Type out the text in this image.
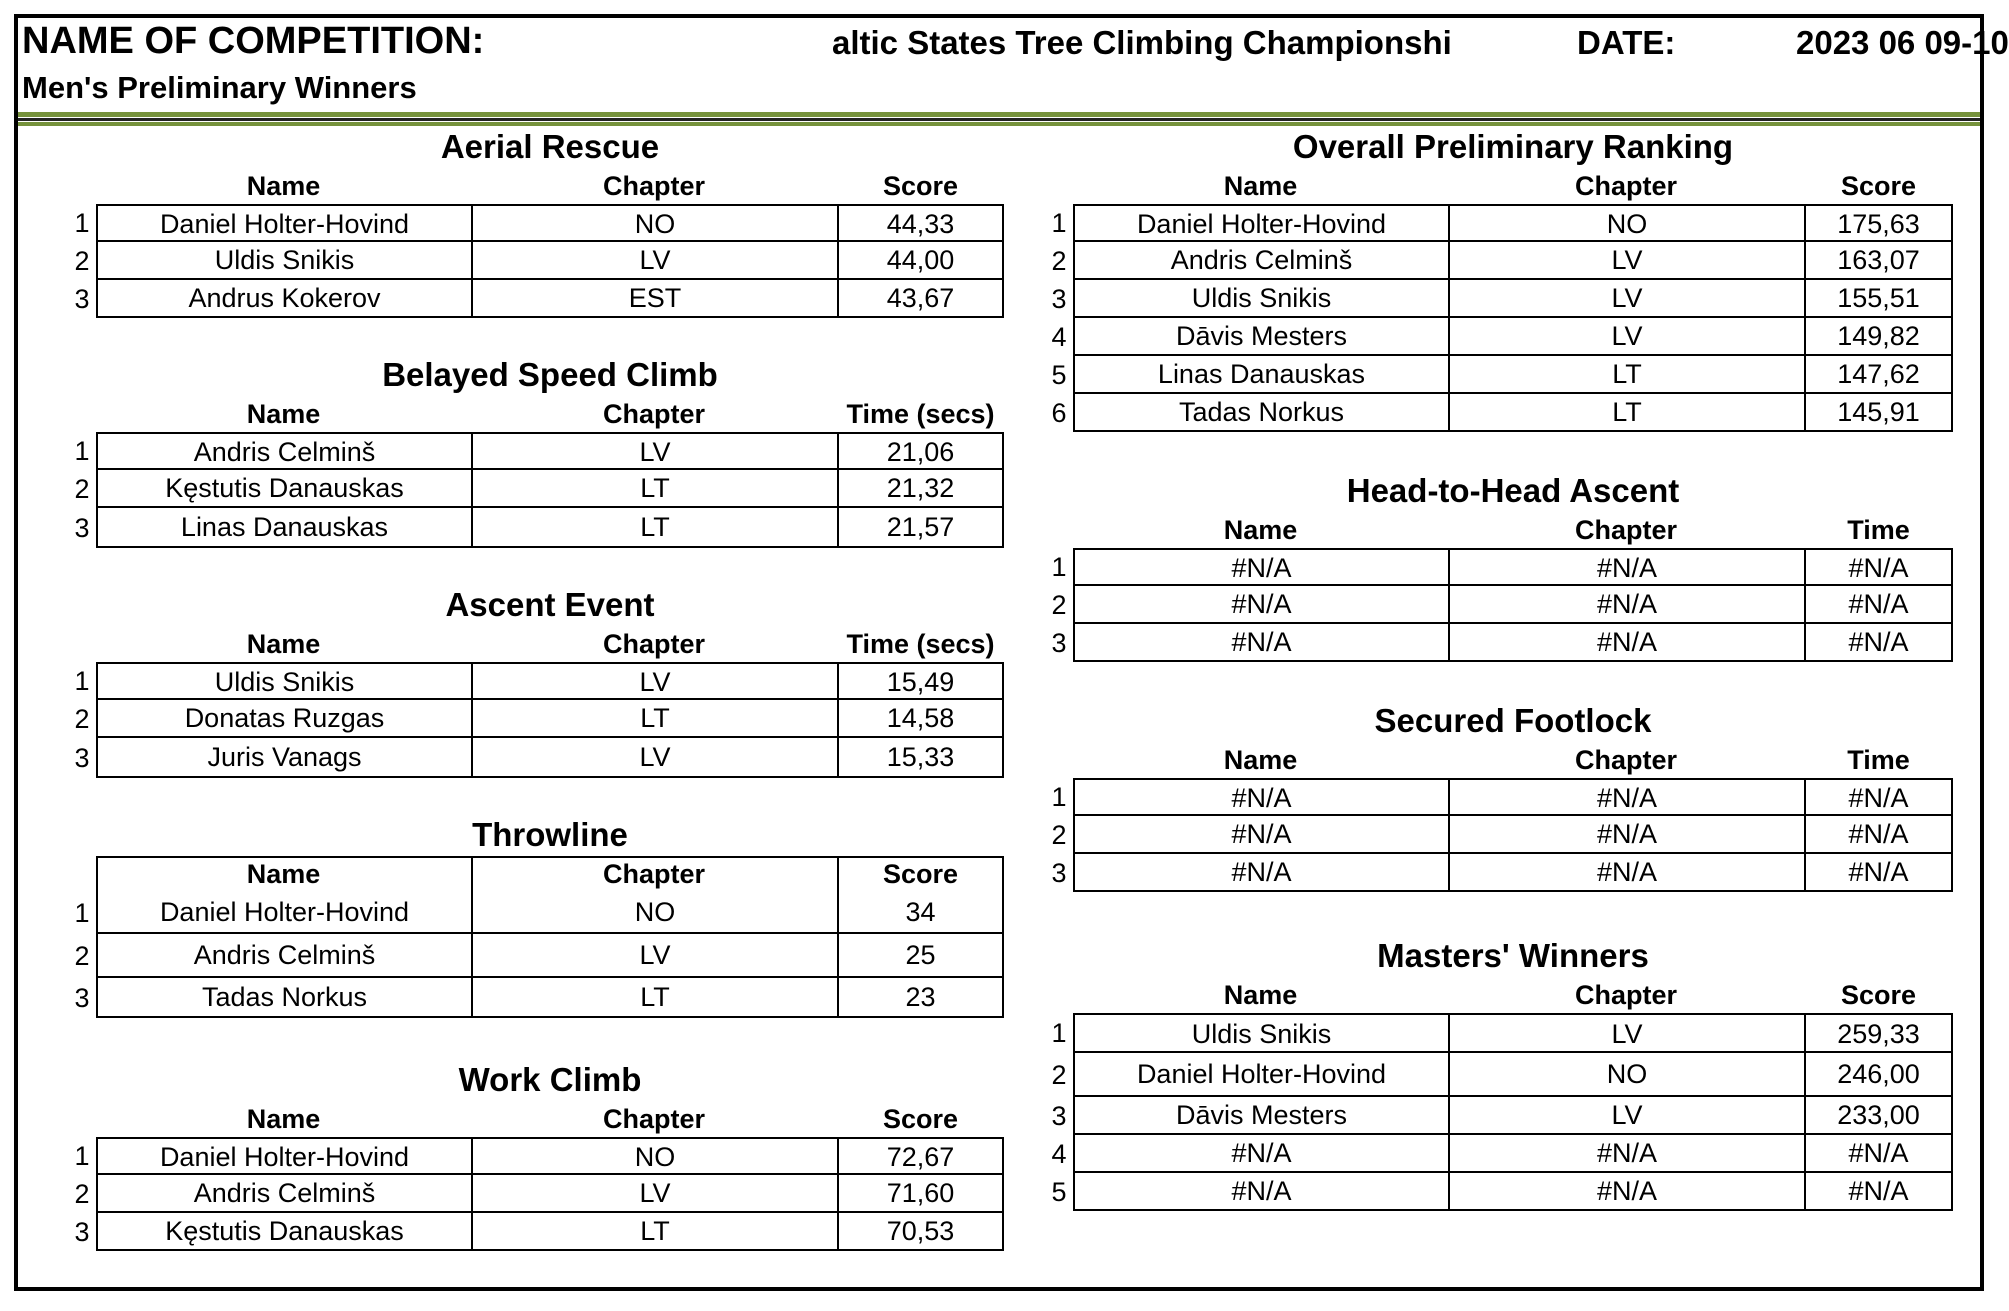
NAME OF COMPETITION:	altic States Tree Climbing Championshi	DATE:	2023 06 09-10
Men's Preliminary Winners
Aerial Rescue
Name	Chapter	Score
1	Daniel Holter-Hovind	NO	44,33
2	Uldis Snikis	LV	44,00
3	Andrus Kokerov	EST	43,67
Belayed Speed Climb
Name	Chapter	Time (secs)
1	Andris Celminš	LV	21,06
2	Kęstutis Danauskas	LT	21,32
3	Linas Danauskas	LT	21,57
Ascent Event
Name	Chapter	Time (secs)
1	Uldis Snikis	LV	15,49
2	Donatas Ruzgas	LT	14,58
3	Juris Vanags	LV	15,33
Throwline
Name	Chapter	Score
1	Daniel Holter-Hovind	NO	34
2	Andris Celminš	LV	25
3	Tadas Norkus	LT	23
Work Climb
Name	Chapter	Score
1	Daniel Holter-Hovind	NO	72,67
2	Andris Celminš	LV	71,60
3	Kęstutis Danauskas	LT	70,53
Overall Preliminary Ranking
Name	Chapter	Score
1	Daniel Holter-Hovind	NO	175,63
2	Andris Celminš	LV	163,07
3	Uldis Snikis	LV	155,51
4	Dāvis Mesters	LV	149,82
5	Linas Danauskas	LT	147,62
6	Tadas Norkus	LT	145,91
Head-to-Head Ascent
Name	Chapter	Time
1	#N/A	#N/A	#N/A
2	#N/A	#N/A	#N/A
3	#N/A	#N/A	#N/A
Secured Footlock
Name	Chapter	Time
1	#N/A	#N/A	#N/A
2	#N/A	#N/A	#N/A
3	#N/A	#N/A	#N/A
Masters' Winners
Name	Chapter	Score
1	Uldis Snikis	LV	259,33
2	Daniel Holter-Hovind	NO	246,00
3	Dāvis Mesters	LV	233,00
4	#N/A	#N/A	#N/A
5	#N/A	#N/A	#N/A
